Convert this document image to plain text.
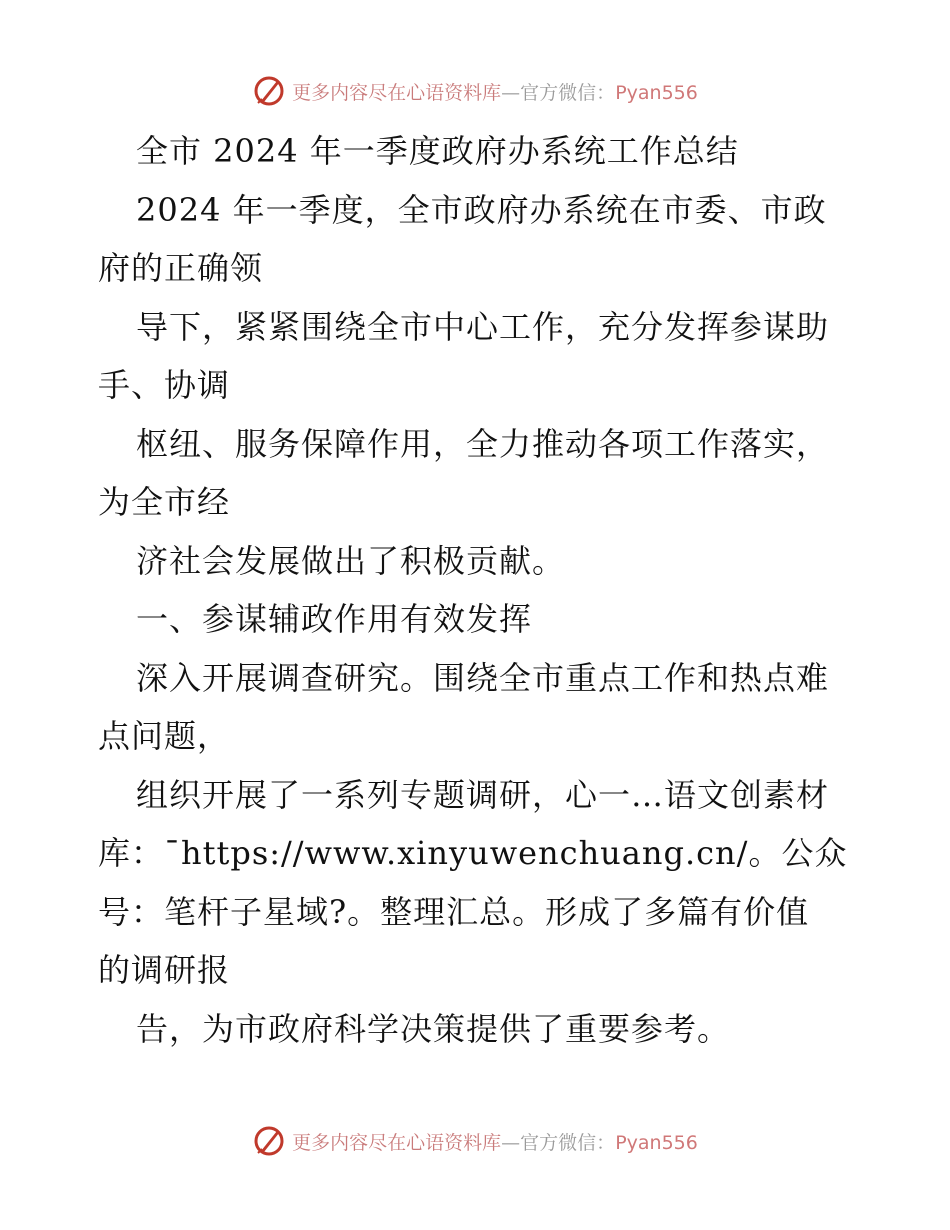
更多内容尽在心语资料库—官方微信：Pyan556
全市 2024 年一季度政府办系统工作总结
2024 年一季度，全市政府办系统在市委、市政
府的正确领
导下，紧紧围绕全市中心工作，充分发挥参谋助
手、协调
枢纽、服务保障作用，全力推动各项工作落实，
为全市经
济社会发展做出了积极贡献。
一、参谋辅政作用有效发挥
深入开展调查研究。围绕全市重点工作和热点难
点问题，
组织开展了一系列专题调研，心一…语文创素材
库：¯https://www.xinyuwenchuang.cn/。公众
号：笔杆子星域?。整理汇总。形成了多篇有价值
的调研报
告，为市政府科学决策提供了重要参考。
更多内容尽在心语资料库—官方微信：Pyan556
